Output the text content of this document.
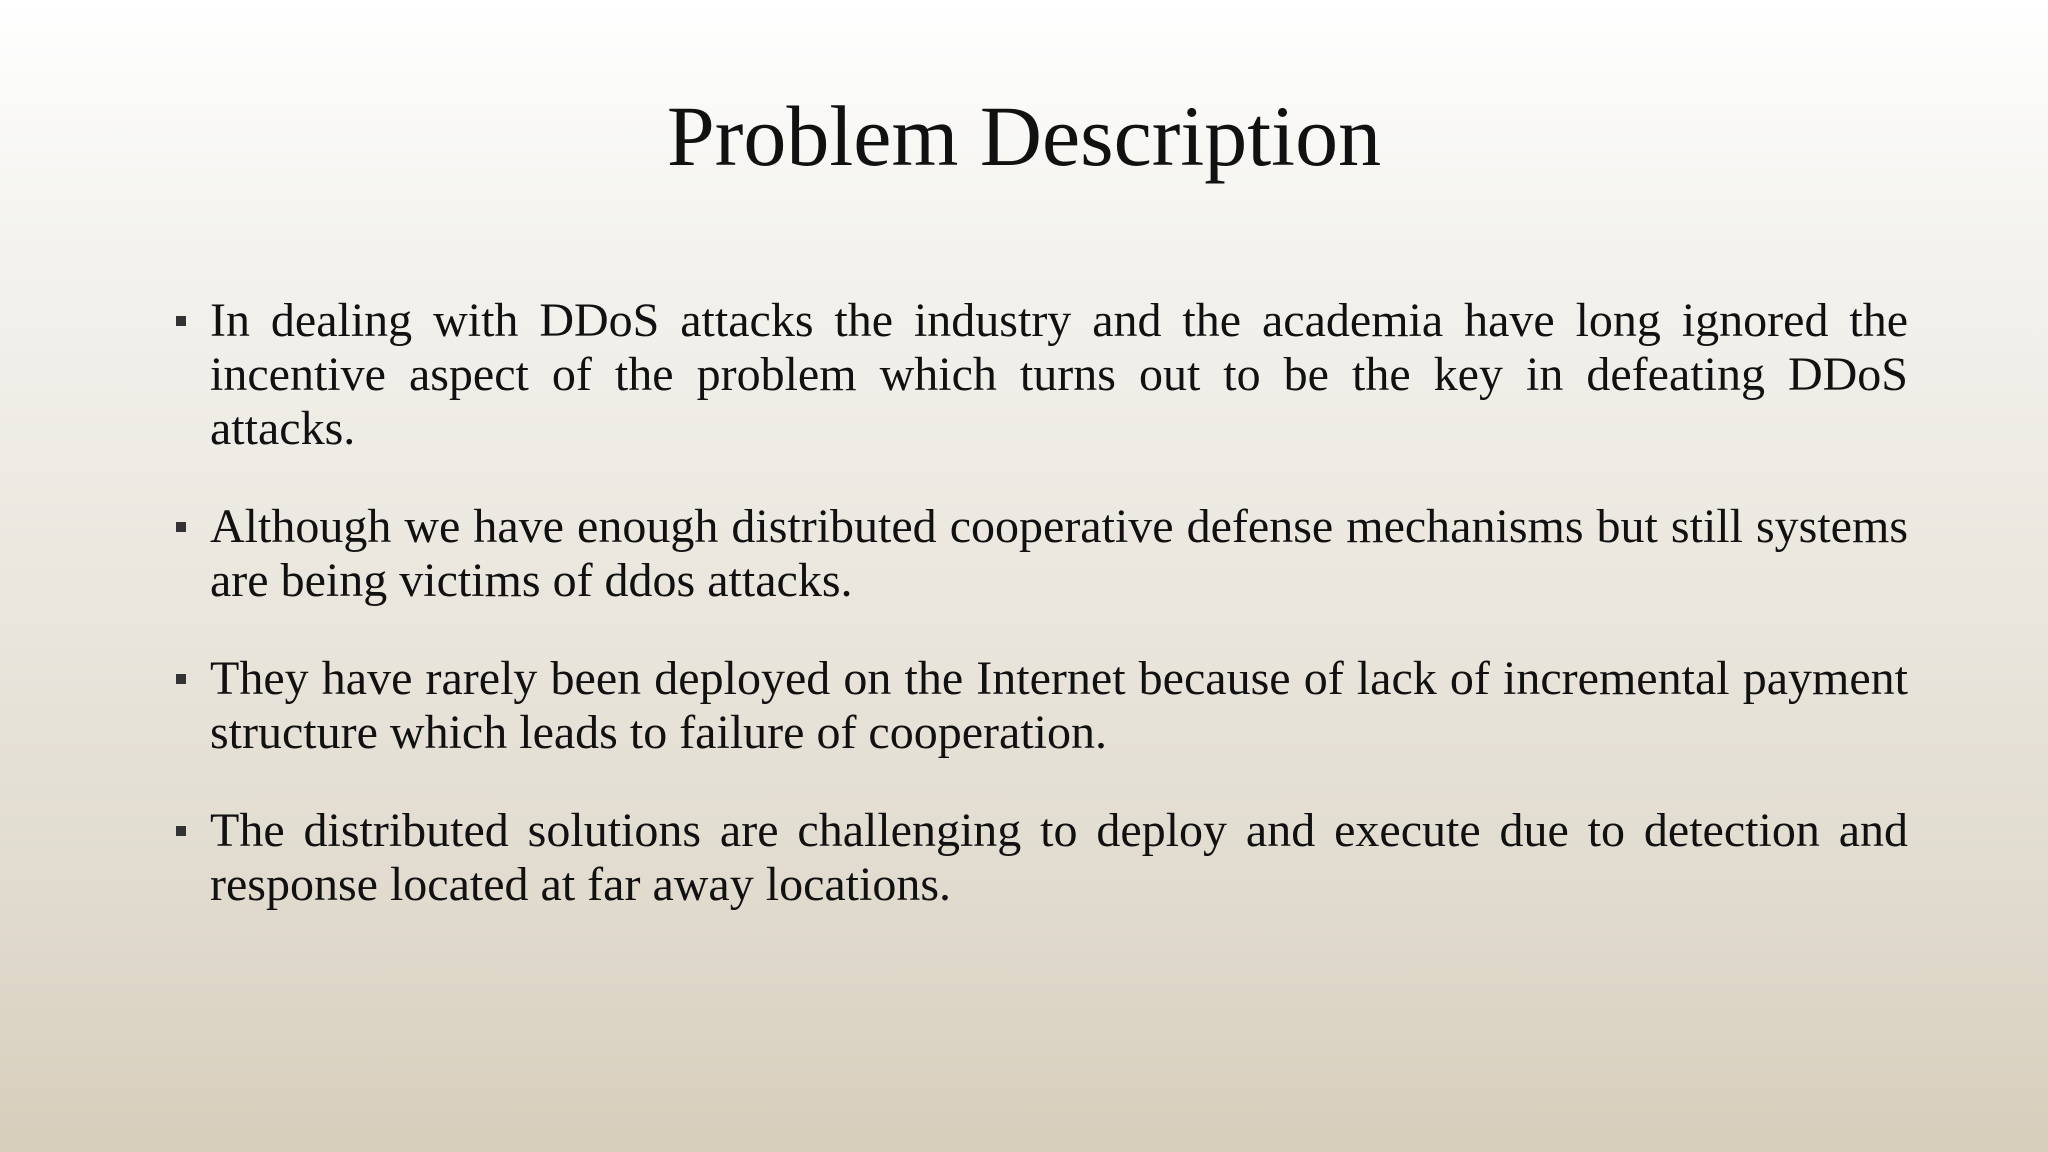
Problem Description
In dealing with DDoS attacks the industry and the academia have long ignored the incentive aspect of the problem which turns out to be the key in defeating DDoS attacks.
Although we have enough distributed cooperative defense mechanisms but still systems are being victims of ddos attacks.
They have rarely been deployed on the Internet because of lack of incremental payment structure which leads to failure of cooperation.
The distributed solutions are challenging to deploy and execute due to detection and response located at far away locations.
